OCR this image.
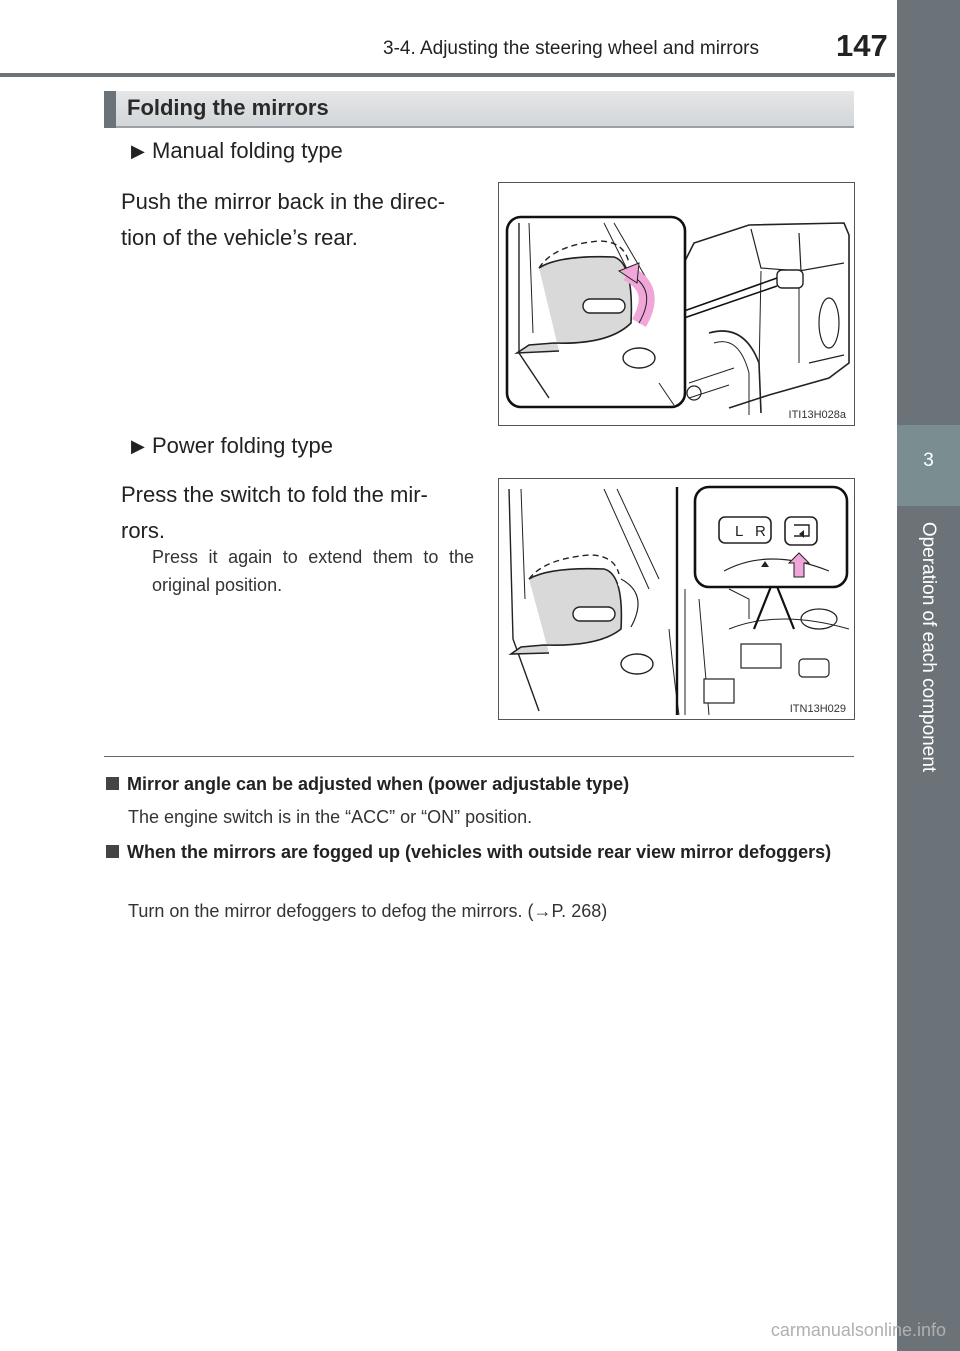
3-4. Adjusting the steering wheel and mirrors 147
3
Operation of each component
Folding the mirrors
▶ Manual folding type
Push the mirror back in the direc-
tion of the vehicle’s rear.
ITI13H028a
▶ Power folding type
Press the switch to fold the mir-
rors.
Press it again to extend them to the original position.
L R
ITN13H029
Mirror angle can be adjusted when (power adjustable type)
The engine switch is in the “ACC” or “ON” position.
When the mirrors are fogged up (vehicles with outside rear view mirror defoggers)
Turn on the mirror defoggers to defog the mirrors. (→P. 268)
carmanualsonline.info
